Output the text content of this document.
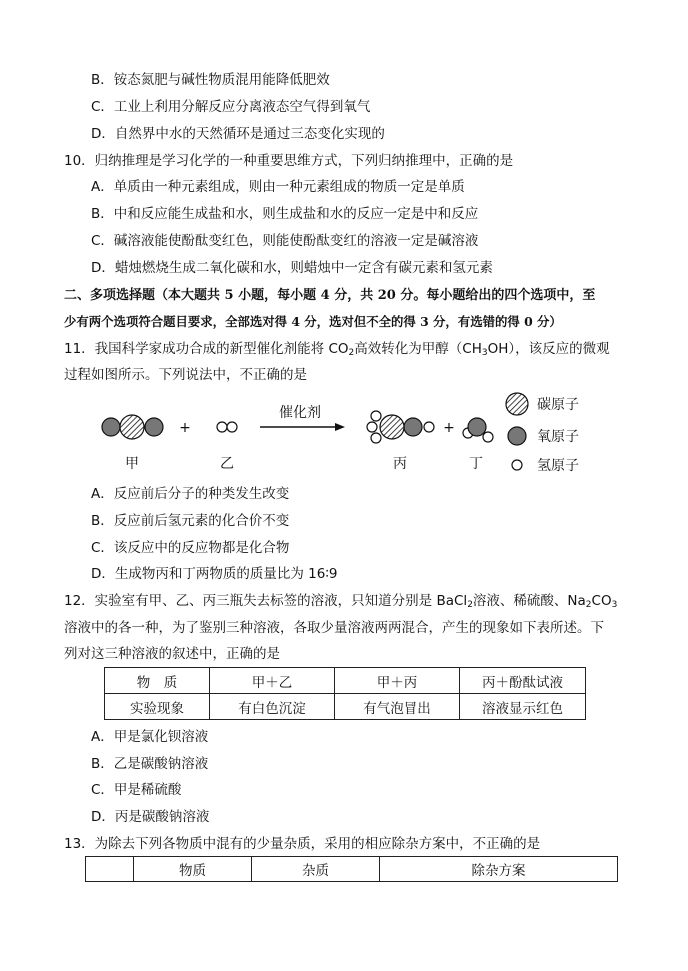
B．铵态氮肥与碱性物质混用能降低肥效
C．工业上利用分解反应分离液态空气得到氧气
D．自然界中水的天然循环是通过三态变化实现的
10．归纳推理是学习化学的一种重要思维方式，下列归纳推理中，正确的是
A．单质由一种元素组成，则由一种元素组成的物质一定是单质
B．中和反应能生成盐和水，则生成盐和水的反应一定是中和反应
C．碱溶液能使酚酞变红色，则能使酚酞变红的溶液一定是碱溶液
D．蜡烛燃烧生成二氧化碳和水，则蜡烛中一定含有碳元素和氢元素
二、多项选择题（本大题共 5 小题，每小题 4 分，共 20 分。每小题给出的四个选项中，至
少有两个选项符合题目要求，全部选对得 4 分，选对但不全的得 3 分，有选错的得 0 分）
11．我国科学家成功合成的新型催化剂能将 $CO_2$高效转化为甲醇$(CH_3OH)$，该反应的微观
过程如图所示。下列说法中，不正确的是
+
催化剂
+
甲	乙	丙	丁
碳原子
氧原子
氢原子
A．反应前后分子的种类发生改变
B．反应前后氢元素的化合价不变
C．该反应中的反应物都是化合物
D．生成物丙和丁两物质的质量比为 16∶9
12．实验室有甲、乙、丙三瓶失去标签的溶液，只知道分别是 BaCl$_2$溶液、稀硫酸、$Na_2CO_3$
溶液中的各一种，为了鉴别三种溶液，各取少量溶液两两混合，产生的现象如下表所述。下
列对这三种溶液的叙述中，正确的是
物　质	甲＋乙	甲＋丙	丙＋酚酞试液
实验现象	有白色沉淀	有气泡冒出	溶液显示红色
A．甲是氯化钡溶液
B．乙是碳酸钠溶液
C．甲是稀硫酸
D．丙是碳酸钠溶液
13．为除去下列各物质中混有的少量杂质，采用的相应除杂方案中，不正确的是
	物质	杂质	除杂方案
